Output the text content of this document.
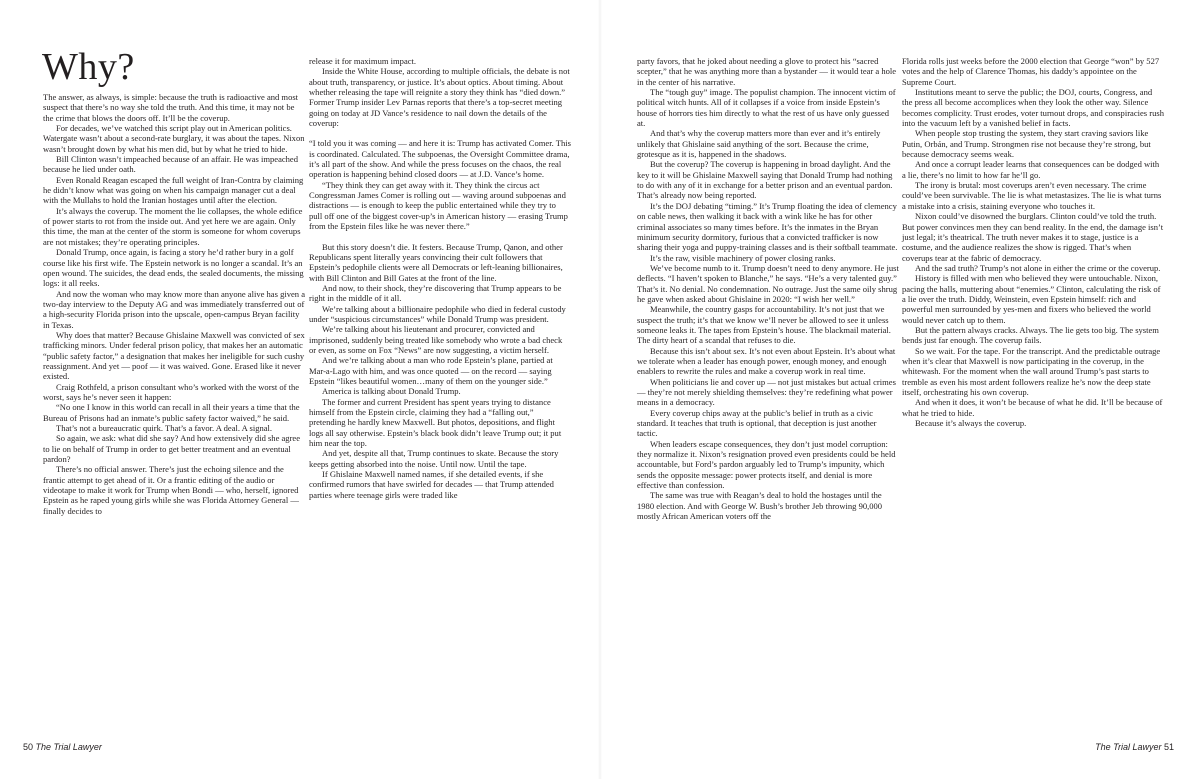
Why?

The answer, as always, is simple: because the truth is radioactive and most suspect that there’s no way she told the truth. And this time, it may not be the crime that blows the doors off. It’ll be the coverup.

For decades, we’ve watched this script play out in American politics. Watergate wasn’t about a second-rate burglary, it was about the tapes. Nixon wasn’t brought down by what his men did, but by what he tried to hide.

Bill Clinton wasn’t impeached because of an affair. He was impeached because he lied under oath.

Even Ronald Reagan escaped the full weight of Iran-Contra by claiming he didn’t know what was going on when his campaign manager cut a deal with the Mullahs to hold the Iranian hostages until after the election.

It’s always the coverup. The moment the lie collapses, the whole edifice of power starts to rot from the inside out. And yet here we are again. Only this time, the man at the center of the storm is someone for whom coverups are not mistakes; they’re operating principles.

Donald Trump, once again, is facing a story he’d rather bury in a golf course like his first wife. The Epstein network is no longer a scandal. It’s an open wound. The suicides, the dead ends, the sealed documents, the missing logs: it all reeks.

And now the woman who may know more than anyone alive has given a two-day interview to the Deputy AG and was immediately transferred out of a high-security Florida prison into the upscale, open-campus Bryan facility in Texas.

Why does that matter? Because Ghislaine Maxwell was convicted of sex trafficking minors. Under federal prison policy, that makes her an automatic “public safety factor,” a designation that makes her ineligible for such cushy reassignment. And yet — poof — it was waived. Gone. Erased like it never existed.

Craig Rothfeld, a prison consultant who’s worked with the worst of the worst, says he’s never seen it happen:

“No one I know in this world can recall in all their years a time that the Bureau of Prisons had an inmate’s public safety factor waived,” he said.

That’s not a bureaucratic quirk. That’s a favor. A deal. A signal.

So again, we ask: what did she say? And how extensively did she agree to lie on behalf of Trump in order to get better treatment and an eventual pardon?

There’s no official answer. There’s just the echoing silence and the frantic attempt to get ahead of it. Or a frantic editing of the audio or videotape to make it work for Trump when Bondi — who, herself, ignored Epstein as he raped young girls while she was Florida Attorney General — finally decides to

release it for maximum impact.

Inside the White House, according to multiple officials, the debate is not about truth, transparency, or justice. It’s about optics. About timing. About whether releasing the tape will reignite a story they think has “died down.”

Former Trump insider Lev Parnas reports that there’s a top-secret meeting going on today at JD Vance’s residence to nail down the details of the coverup:

“I told you it was coming — and here it is: Trump has activated Comer. This is coordinated. Calculated. The subpoenas, the Oversight Committee drama, it’s all part of the show. And while the press focuses on the chaos, the real operation is happening behind closed doors — at J.D. Vance’s home.

“They think they can get away with it. They think the circus act Congressman James Comer is rolling out — waving around subpoenas and distractions — is enough to keep the public entertained while they try to pull off one of the biggest cover-up’s in American history — erasing Trump from the Epstein files like he was never there.”

But this story doesn’t die. It festers. Because Trump, Qanon, and other Republicans spent literally years convincing their cult followers that Epstein’s pedophile clients were all Democrats or left-leaning billionaires, with Bill Clinton and Bill Gates at the front of the line.

And now, to their shock, they’re discovering that Trump appears to be right in the middle of it all.

We’re talking about a billionaire pedophile who died in federal custody under “suspicious circumstances” while Donald Trump was president.

We’re talking about his lieutenant and procurer, convicted and imprisoned, suddenly being treated like somebody who wrote a bad check or even, as some on Fox “News” are now suggesting, a victim herself.

And we’re talking about a man who rode Epstein’s plane, partied at Mar-a-Lago with him, and was once quoted — on the record — saying Epstein “likes beautiful women…many of them on the younger side.”

America is talking about Donald Trump.

The former and current President has spent years trying to distance himself from the Epstein circle, claiming they had a “falling out,” pretending he hardly knew Maxwell. But photos, depositions, and flight logs all say otherwise. Epstein’s black book didn’t leave Trump out; it put him near the top.

And yet, despite all that, Trump continues to skate. Because the story keeps getting absorbed into the noise. Until now. Until the tape.

If Ghislaine Maxwell named names, if she detailed events, if she confirmed rumors that have swirled for decades — that Trump attended parties where teenage girls were traded like

party favors, that he joked about needing a glove to protect his “sacred scepter,” that he was anything more than a bystander — it would tear a hole in the center of his narrative.

The “tough guy” image. The populist champion. The innocent victim of political witch hunts. All of it collapses if a voice from inside Epstein’s house of horrors ties him directly to what the rest of us have only guessed at.

And that’s why the coverup matters more than ever and it’s entirely unlikely that Ghislaine said anything of the sort. Because the crime, grotesque as it is, happened in the shadows.

But the coverup? The coverup is happening in broad daylight. And the key to it will be Ghislaine Maxwell saying that Donald Trump had nothing to do with any of it in exchange for a better prison and an eventual pardon. That’s already now being reported.

It’s the DOJ debating “timing.” It’s Trump floating the idea of clemency on cable news, then walking it back with a wink like he has for other criminal associates so many times before. It’s the inmates in the Bryan minimum security dormitory, furious that a convicted trafficker is now sharing their yoga and puppy-training classes and is their softball teammate.

It’s the raw, visible machinery of power closing ranks.

We’ve become numb to it. Trump doesn’t need to deny anymore. He just deflects. “I haven’t spoken to Blanche,” he says. “He’s a very talented guy.” That’s it. No denial. No condemnation. No outrage. Just the same oily shrug he gave when asked about Ghislaine in 2020: “I wish her well.”

Meanwhile, the country gasps for accountability. It’s not just that we suspect the truth; it’s that we know we’ll never be allowed to see it unless someone leaks it. The tapes from Epstein’s house. The blackmail material. The dirty heart of a scandal that refuses to die.

Because this isn’t about sex. It’s not even about Epstein. It’s about what we tolerate when a leader has enough power, enough money, and enough enablers to rewrite the rules and make a coverup work in real time.

When politicians lie and cover up — not just mistakes but actual crimes — they’re not merely shielding themselves: they’re redefining what power means in a democracy.

Every coverup chips away at the public’s belief in truth as a civic standard. It teaches that truth is optional, that deception is just another tactic.

When leaders escape consequences, they don’t just model corruption: they normalize it. Nixon’s resignation proved even presidents could be held accountable, but Ford’s pardon arguably led to Trump’s impunity, which sends the opposite message: power protects itself, and denial is more effective than confession.

The same was true with Reagan’s deal to hold the hostages until the 1980 election. And with George W. Bush’s brother Jeb throwing 90,000 mostly African American voters off the

Florida rolls just weeks before the 2000 election that George “won” by 527 votes and the help of Clarence Thomas, his daddy’s appointee on the Supreme Court.

Institutions meant to serve the public; the DOJ, courts, Congress, and the press all become accomplices when they look the other way. Silence becomes complicity. Trust erodes, voter turnout drops, and conspiracies rush into the vacuum left by a vanished belief in facts.

When people stop trusting the system, they start craving saviors like Putin, Orbán, and Trump. Strongmen rise not because they’re strong, but because democracy seems weak.

And once a corrupt leader learns that consequences can be dodged with a lie, there’s no limit to how far he’ll go.

The irony is brutal: most coverups aren’t even necessary. The crime could’ve been survivable. The lie is what metastasizes. The lie is what turns a mistake into a crisis, staining everyone who touches it.

Nixon could’ve disowned the burglars. Clinton could’ve told the truth. But power convinces men they can bend reality. In the end, the damage isn’t just legal; it’s theatrical. The truth never makes it to stage, justice is a costume, and the audience realizes the show is rigged. That’s when coverups tear at the fabric of democracy.

And the sad truth? Trump’s not alone in either the crime or the coverup.

History is filled with men who believed they were untouchable. Nixon, pacing the halls, muttering about “enemies.” Clinton, calculating the risk of a lie over the truth. Diddy, Weinstein, even Epstein himself: rich and powerful men surrounded by yes-men and fixers who believed the world would never catch up to them.

But the pattern always cracks. Always. The lie gets too big. The system bends just far enough. The coverup fails.

So we wait. For the tape. For the transcript. And the predictable outrage when it’s clear that Maxwell is now participating in the coverup, in the whitewash. For the moment when the wall around Trump’s past starts to tremble as even his most ardent followers realize he’s now the deep state itself, orchestrating his own coverup.

And when it does, it won’t be because of what he did. It’ll be because of what he tried to hide.

Because it’s always the coverup.

50 The Trial Lawyer	The Trial Lawyer 51
